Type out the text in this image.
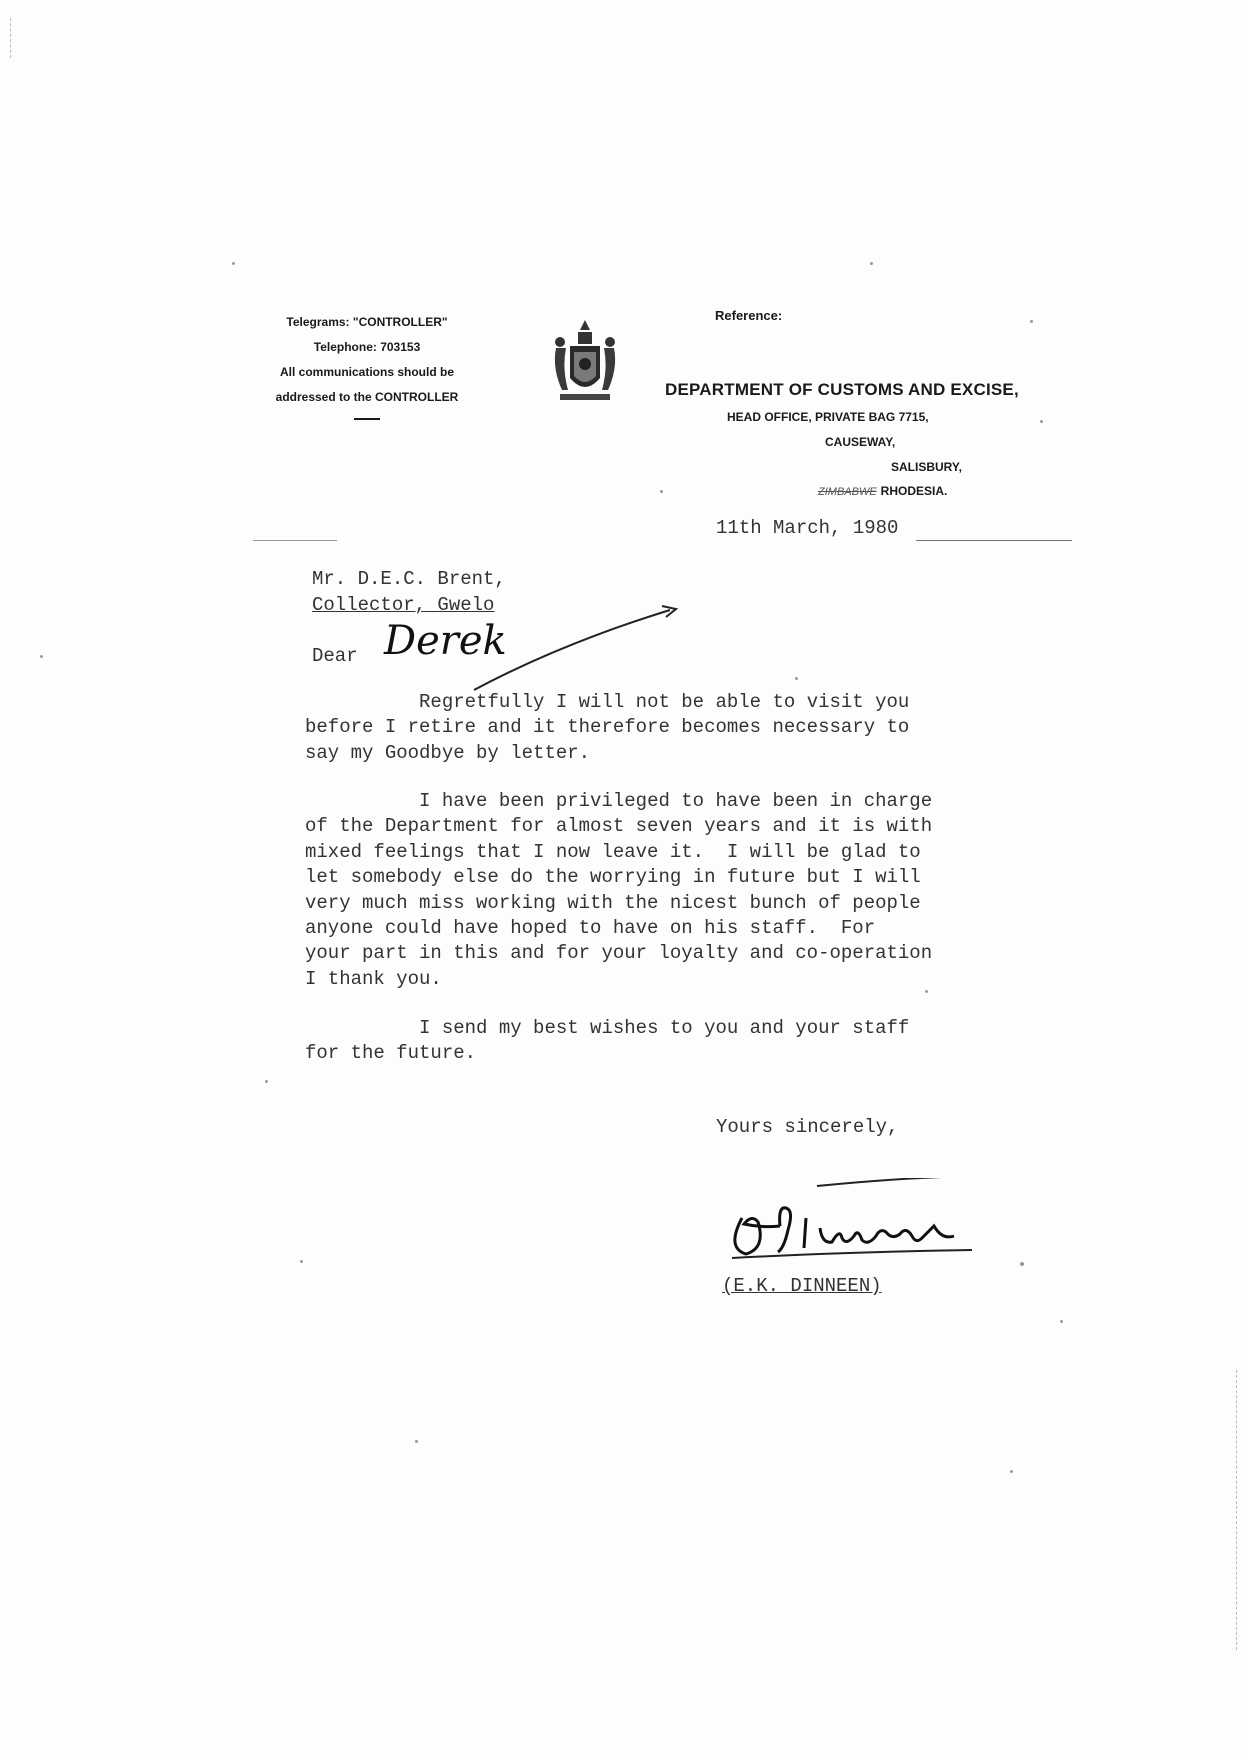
Telegrams: "CONTROLLER"
Telephone: 703153
All communications should be
addressed to the CONTROLLER
Reference:
DEPARTMENT OF CUSTOMS AND EXCISE,
HEAD OFFICE, PRIVATE BAG 7715,
CAUSEWAY,
SALISBURY,
ZIMBABWE RHODESIA.
11th March, 1980
Mr. D.E.C. Brent,
Collector, Gwelo
Dear Derek
Regretfully I will not be able to visit you
before I retire and it therefore becomes necessary to
say my Goodbye by letter.
I have been privileged to have been in charge
of the Department for almost seven years and it is with
mixed feelings that I now leave it.  I will be glad to
let somebody else do the worrying in future but I will
very much miss working with the nicest bunch of people
anyone could have hoped to have on his staff.  For
your part in this and for your loyalty and co-operation
I thank you.
I send my best wishes to you and your staff
for the future.
Yours sincerely,
(E.K. DINNEEN)
